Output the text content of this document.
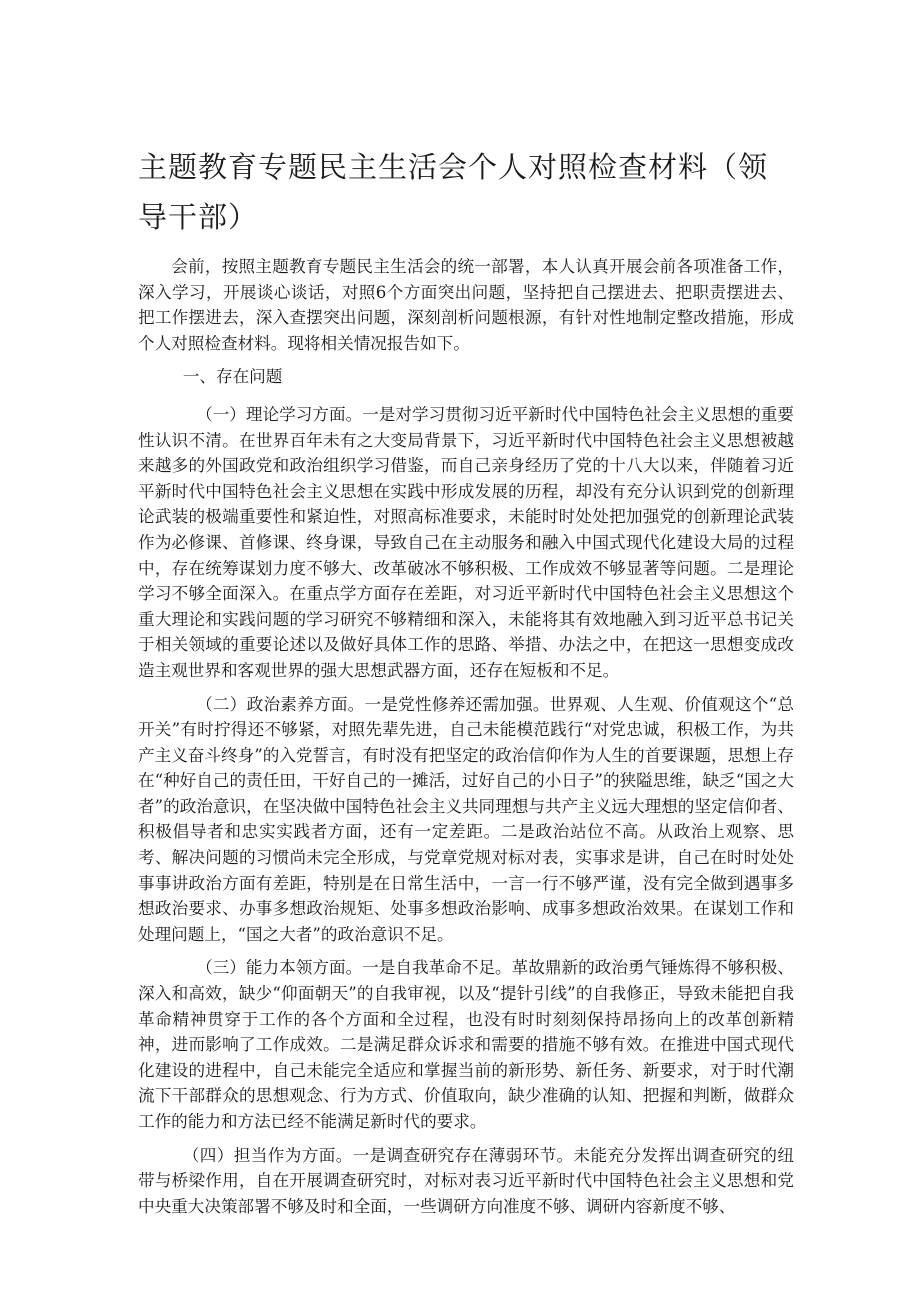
主题教育专题民主生活会个人对照检查材料（领导干部）

会前，按照主题教育专题民主生活会的统一部署，本人认真开展会前各项准备工作，深入学习，开展谈心谈话，对照6个方面突出问题，坚持把自己摆进去、把职责摆进去、把工作摆进去，深入查摆突出问题，深刻剖析问题根源，有针对性地制定整改措施，形成个人对照检查材料。现将相关情况报告如下。

一、存在问题

（一）理论学习方面。一是对学习贯彻习近平新时代中国特色社会主义思想的重要性认识不清。在世界百年未有之大变局背景下，习近平新时代中国特色社会主义思想被越来越多的外国政党和政治组织学习借鉴，而自己亲身经历了党的十八大以来，伴随着习近平新时代中国特色社会主义思想在实践中形成发展的历程，却没有充分认识到党的创新理论武装的极端重要性和紧迫性，对照高标准要求，未能时时处处把加强党的创新理论武装作为必修课、首修课、终身课，导致自己在主动服务和融入中国式现代化建设大局的过程中，存在统筹谋划力度不够大、改革破冰不够积极、工作成效不够显著等问题。二是理论学习不够全面深入。在重点学方面存在差距，对习近平新时代中国特色社会主义思想这个重大理论和实践问题的学习研究不够精细和深入，未能将其有效地融入到习近平总书记关于相关领域的重要论述以及做好具体工作的思路、举措、办法之中，在把这一思想变成改造主观世界和客观世界的强大思想武器方面，还存在短板和不足。

（二）政治素养方面。一是党性修养还需加强。世界观、人生观、价值观这个“总开关”有时拧得还不够紧，对照先辈先进，自己未能模范践行“对党忠诚，积极工作，为共产主义奋斗终身”的入党誓言，有时没有把坚定的政治信仰作为人生的首要课题，思想上存在“种好自己的责任田，干好自己的一摊活，过好自己的小日子”的狭隘思维，缺乏“国之大者”的政治意识，在坚决做中国特色社会主义共同理想与共产主义远大理想的坚定信仰者、积极倡导者和忠实实践者方面，还有一定差距。二是政治站位不高。从政治上观察、思考、解决问题的习惯尚未完全形成，与党章党规对标对表，实事求是讲，自己在时时处处事事讲政治方面有差距，特别是在日常生活中，一言一行不够严谨，没有完全做到遇事多想政治要求、办事多想政治规矩、处事多想政治影响、成事多想政治效果。在谋划工作和处理问题上，“国之大者”的政治意识不足。

（三）能力本领方面。一是自我革命不足。革故鼎新的政治勇气锤炼得不够积极、深入和高效，缺少“仰面朝天”的自我审视，以及“提针引线”的自我修正，导致未能把自我革命精神贯穿于工作的各个方面和全过程，也没有时时刻刻保持昂扬向上的改革创新精神，进而影响了工作成效。二是满足群众诉求和需要的措施不够有效。在推进中国式现代化建设的进程中，自己未能完全适应和掌握当前的新形势、新任务、新要求，对于时代潮流下干部群众的思想观念、行为方式、价值取向，缺少准确的认知、把握和判断，做群众工作的能力和方法已经不能满足新时代的要求。

（四）担当作为方面。一是调查研究存在薄弱环节。未能充分发挥出调查研究的纽带与桥梁作用，自在开展调查研究时，对标对表习近平新时代中国特色社会主义思想和党中央重大决策部署不够及时和全面，一些调研方向准度不够、调研内容新度不够、
